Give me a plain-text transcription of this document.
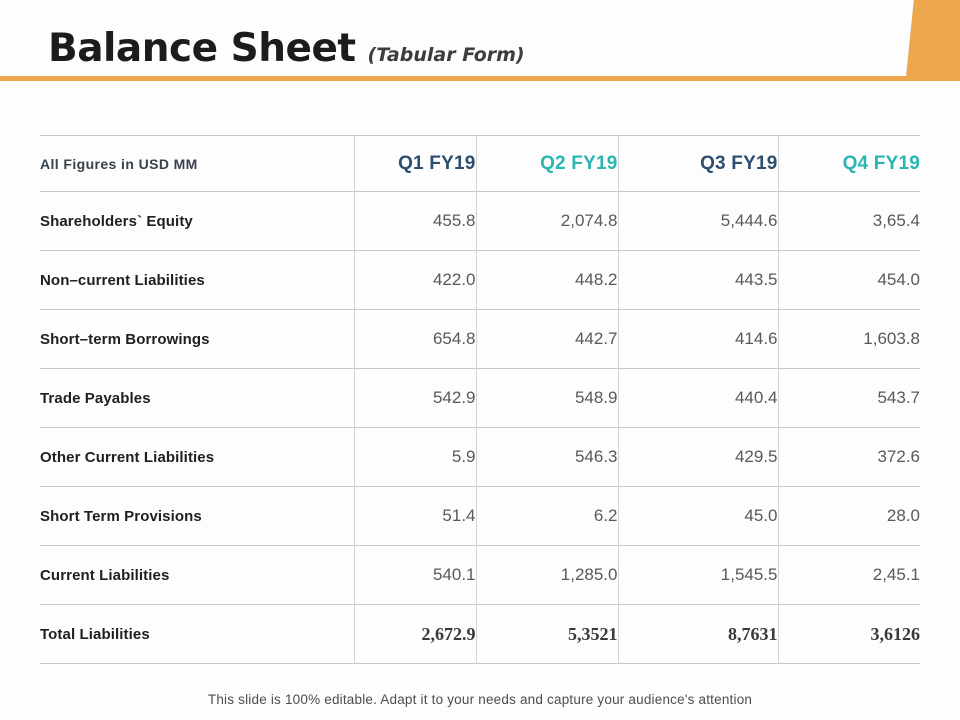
Balance Sheet (Tabular Form)
All Figures in USD MM	Q1 FY19	Q2 FY19	Q3 FY19	Q4 FY19
Shareholders` Equity	455.8	2,074.8	5,444.6	3,65.4
Non–current Liabilities	422.0	448.2	443.5	454.0
Short–term Borrowings	654.8	442.7	414.6	1,603.8
Trade Payables	542.9	548.9	440.4	543.7
Other Current Liabilities	5.9	546.3	429.5	372.6
Short Term Provisions	51.4	6.2	45.0	28.0
Current Liabilities	540.1	1,285.0	1,545.5	2,45.1
Total Liabilities	2,672.9	5,3521	8,7631	3,6126
This slide is 100% editable. Adapt it to your needs and capture your audience's attention
